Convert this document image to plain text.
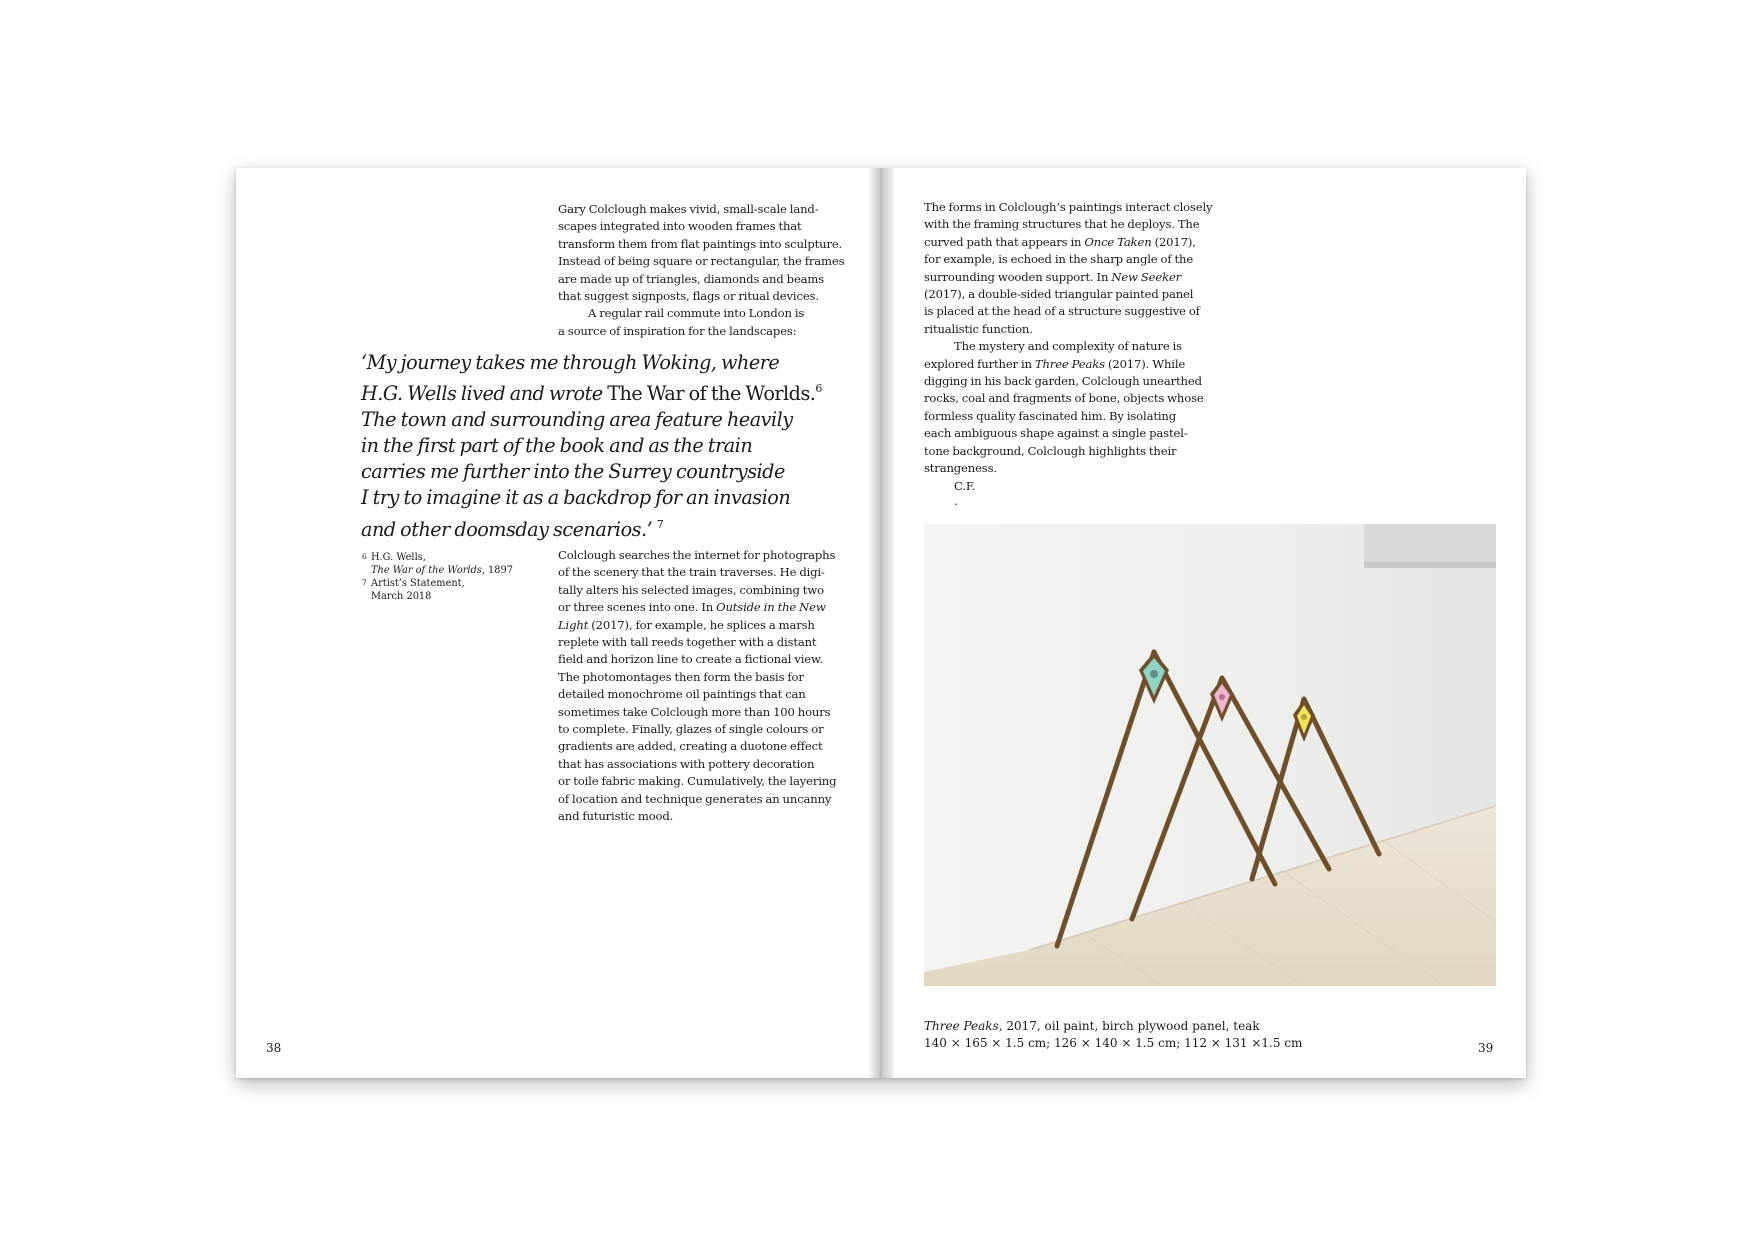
Gary Colclough makes vivid, small-scale land-

scapes integrated into wooden frames that

transform them from flat paintings into sculpture.

Instead of being square or rectangular, the frames

are made up of triangles, diamonds and beams

that suggest signposts, flags or ritual devices.

A regular rail commute into London is

a source of inspiration for the landscapes:

‘My journey takes me through Woking, where
H.G. Wells lived and wrote The War of the Worlds.$^6$
The town and surrounding area feature heavily
in the first part of the book and as the train
carries me further into the Surrey countryside
I try to imagine it as a backdrop for an invasion
and other doomsday scenarios.’ $^7$
6 H.G. Wells,
The War of the Worlds, 1897
7 Artist’s Statement,
March 2018

Colclough searches the internet for photographs

of the scenery that the train traverses. He digi-

tally alters his selected images, combining two

or three scenes into one. In Outside in the New

Light (2017), for example, he splices a marsh

replete with tall reeds together with a distant

field and horizon line to create a fictional view.

The photomontages then form the basis for

detailed monochrome oil paintings that can

sometimes take Colclough more than 100 hours

to complete. Finally, glazes of single colours or

gradients are added, creating a duotone effect

that has associations with pottery decoration

or toile fabric making. Cumulatively, the layering

of location and technique generates an uncanny

and futuristic mood.

38

The forms in Colclough’s paintings interact closely

with the framing structures that he deploys. The

curved path that appears in Once Taken (2017),

for example, is echoed in the sharp angle of the

surrounding wooden support. In New Seeker

(2017), a double-sided triangular painted panel

is placed at the head of a structure suggestive of

ritualistic function.

The mystery and complexity of nature is

explored further in Three Peaks (2017). While

digging in his back garden, Colclough unearthed

rocks, coal and fragments of bone, objects whose

formless quality fascinated him. By isolating

each ambiguous shape against a single pastel-

tone background, Colclough highlights their

strangeness.

C.F.

.

Three Peaks, 2017, oil paint, birch plywood panel, teak
140 × 165 × 1.5 cm; 126 × 140 × 1.5 cm; 112 × 131 ×1.5 cm	39
